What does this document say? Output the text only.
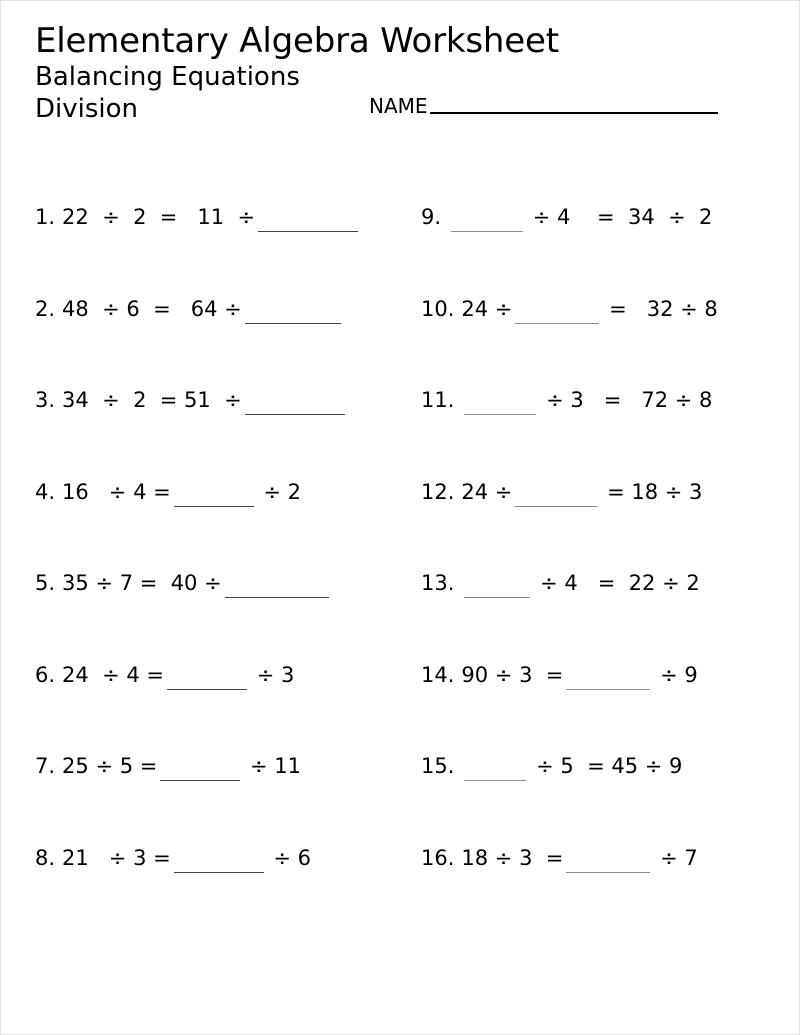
Elementary Algebra Worksheet
Balancing Equations
Division	NAME
1. 22  ÷  2  =   11  ÷	9.	÷ 4    =  34  ÷  2
2. 48  ÷ 6  =   64 ÷	10. 24 ÷	=   32 ÷ 8
3. 34  ÷  2  = 51  ÷	11.	÷ 3   =   72 ÷ 8
4. 16   ÷ 4 =	÷ 2	12. 24 ÷	= 18 ÷ 3
5. 35 ÷ 7 =  40 ÷	13.	÷ 4   =  22 ÷ 2
6. 24  ÷ 4 =	÷ 3	14. 90 ÷ 3  =	÷ 9
7. 25 ÷ 5 =	÷ 11	15.	÷ 5  = 45 ÷ 9
8. 21   ÷ 3 =	÷ 6	16. 18 ÷ 3  =	÷ 7
